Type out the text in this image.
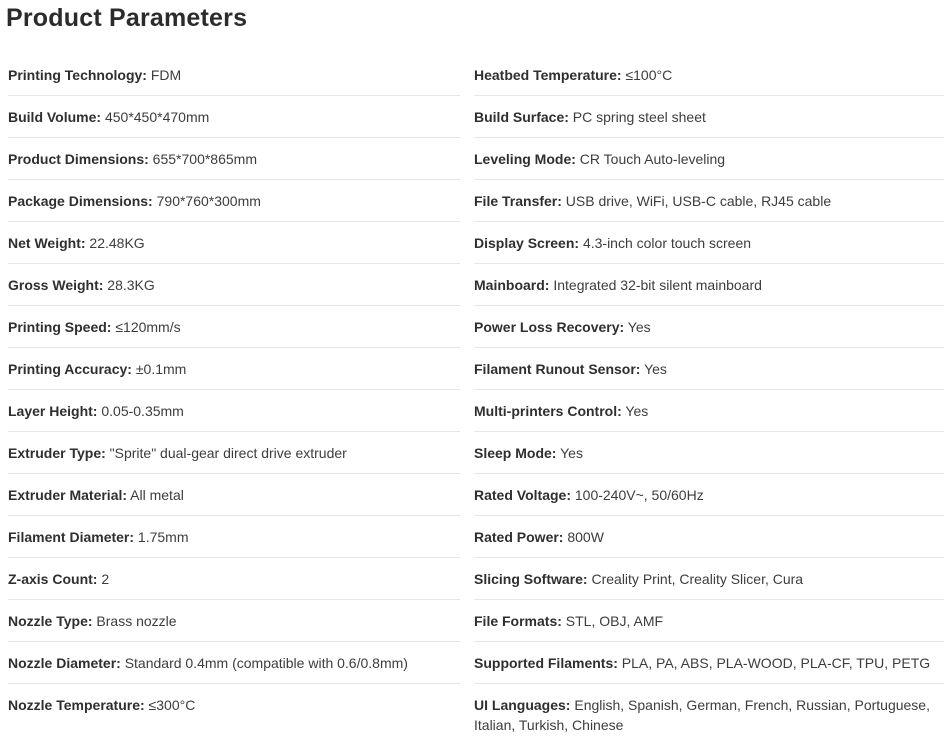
Product Parameters
Printing Technology: FDM	Heatbed Temperature: ≤100°C
Build Volume: 450*450*470mm	Build Surface: PC spring steel sheet
Product Dimensions: 655*700*865mm	Leveling Mode: CR Touch Auto-leveling
Package Dimensions: 790*760*300mm	File Transfer: USB drive, WiFi, USB-C cable, RJ45 cable
Net Weight: 22.48KG	Display Screen: 4.3-inch color touch screen
Gross Weight: 28.3KG	Mainboard: Integrated 32-bit silent mainboard
Printing Speed: ≤120mm/s	Power Loss Recovery: Yes
Printing Accuracy: ±0.1mm	Filament Runout Sensor: Yes
Layer Height: 0.05-0.35mm	Multi-printers Control: Yes
Extruder Type: "Sprite" dual-gear direct drive extruder	Sleep Mode: Yes
Extruder Material: All metal	Rated Voltage: 100-240V~, 50/60Hz
Filament Diameter: 1.75mm	Rated Power: 800W
Z-axis Count: 2	Slicing Software: Creality Print, Creality Slicer, Cura
Nozzle Type: Brass nozzle	File Formats: STL, OBJ, AMF
Nozzle Diameter: Standard 0.4mm (compatible with 0.6/0.8mm)	Supported Filaments: PLA, PA, ABS, PLA-WOOD, PLA-CF, TPU, PETG
Nozzle Temperature: ≤300°C	UI Languages: English, Spanish, German, French, Russian, Portuguese, Italian, Turkish, Chinese
